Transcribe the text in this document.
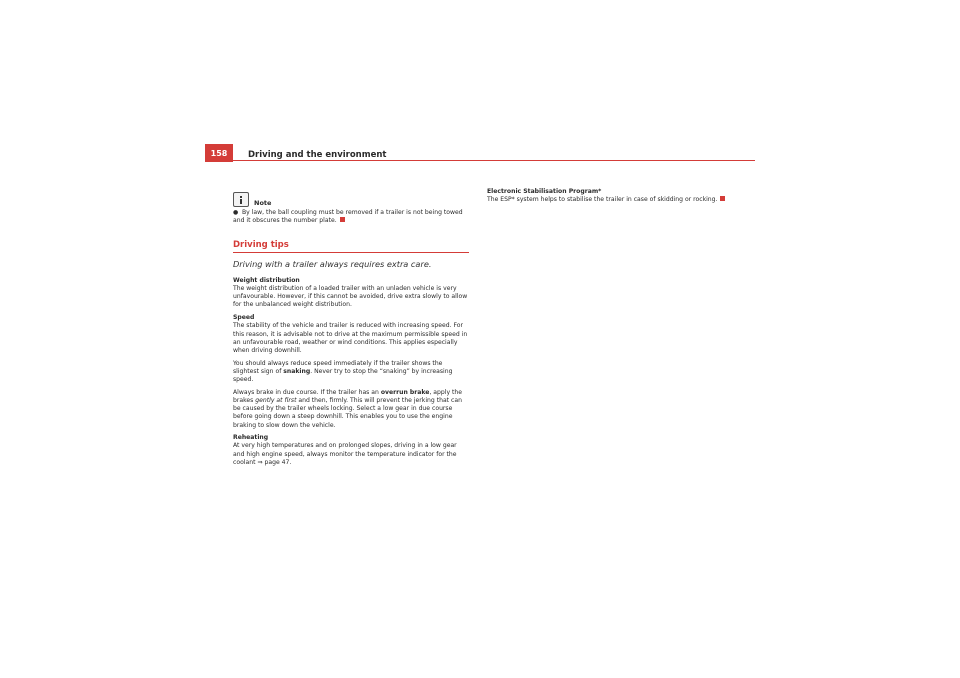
158	Driving and the environment
Note

● By law, the ball coupling must be removed if a trailer is not being towed and it obscures the number plate.

Driving tips
Driving with a trailer always requires extra care.

Weight distribution

The weight distribution of a loaded trailer with an unladen vehicle is very unfavourable. However, if this cannot be avoided, drive extra slowly to allow for the unbalanced weight distribution.

Speed

The stability of the vehicle and trailer is reduced with increasing speed. For this reason, it is advisable not to drive at the maximum permissible speed in an unfavourable road, weather or wind conditions. This applies especially when driving downhill.

You should always reduce speed immediately if the trailer shows the slightest sign of snaking. Never try to stop the “snaking” by increasing speed.

Always brake in due course. If the trailer has an overrun brake, apply the brakes gently at first and then, firmly. This will prevent the jerking that can be caused by the trailer wheels locking. Select a low gear in due course before going down a steep downhill. This enables you to use the engine braking to slow down the vehicle.

Reheating

At very high temperatures and on prolonged slopes, driving in a low gear and high engine speed, always monitor the temperature indicator for the coolant ⇒ page 47.

Electronic Stabilisation Program*

The ESP* system helps to stabilise the trailer in case of skidding or rocking.
